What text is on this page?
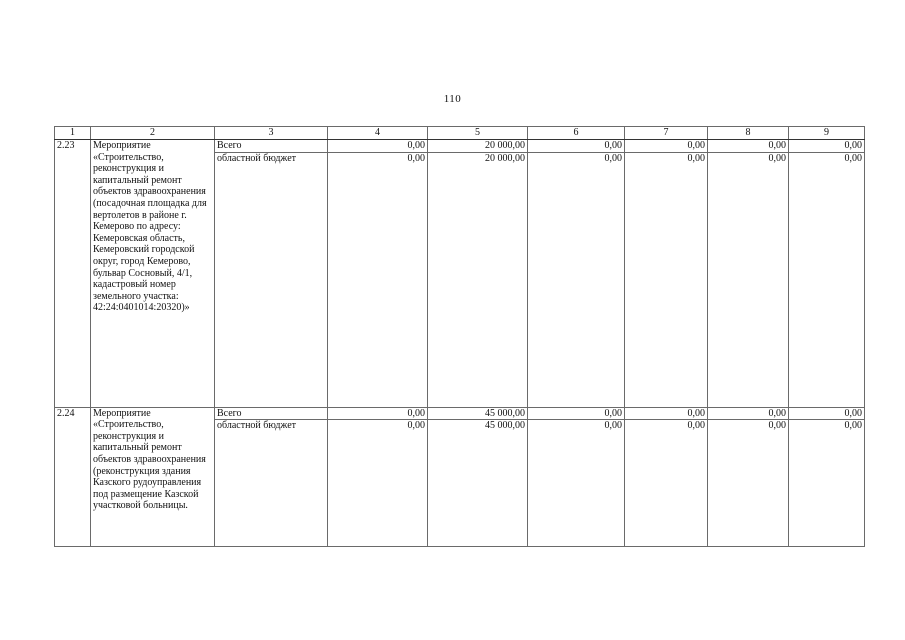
110
1	2	3	4	5	6	7	8	9
2.23	Мероприятие «Строительство, реконструкция и капитальный ремонт объектов здравоохранения (посадочная площадка для вертолетов в районе г. Кемерово по адресу: Кемеровская область, Кемеровский городской округ, город Кемерово, бульвар Сосновый, 4/1, кадастровый номер земельного участка: 42:24:0401014:20320)»	Всего	0,00	20 000,00	0,00	0,00	0,00	0,00
		областной бюджет	0,00	20 000,00	0,00	0,00	0,00	0,00
2.24	Мероприятие «Строительство, реконструкция и капитальный ремонт объектов здравоохранения (реконструкция здания Казского рудоуправления под размещение Казской участковой больницы.	Всего	0,00	45 000,00	0,00	0,00	0,00	0,00
		областной бюджет	0,00	45 000,00	0,00	0,00	0,00	0,00
